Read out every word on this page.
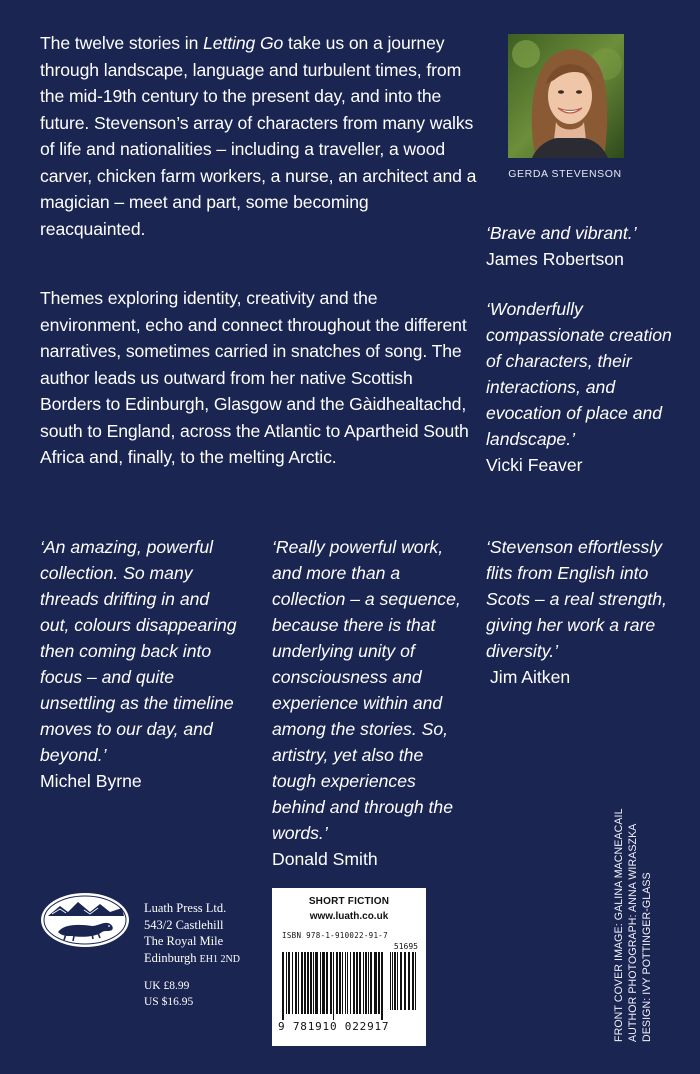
The twelve stories in Letting Go take us on a journey through landscape, language and turbulent times, from the mid-19th century to the present day, and into the future. Stevenson’s array of characters from many walks of life and nationalities – including a traveller, a wood carver, chicken farm workers, a nurse, an architect and a magician – meet and part, some becoming reacquainted.

Themes exploring identity, creativity and the environment, echo and connect throughout the different narratives, sometimes carried in snatches of song. The author leads us outward from her native Scottish Borders to Edinburgh, Glasgow and the Gàidhealtachd, south to England, across the Atlantic to Apartheid South Africa and, finally, to the melting Arctic.

GERDA STEVENSON

‘Brave and vibrant.’
James Robertson

‘Wonderfully compassionate creation of characters, their interactions, and evocation of place and landscape.’
Vicki Feaver

‘An amazing, powerful collection. So many threads drifting in and out, colours disappearing then coming back into focus – and quite unsettling as the timeline moves to our day, and beyond.’
Michel Byrne

‘Really powerful work, and more than a collection – a sequence, because there is that underlying unity of consciousness and experience within and among the stories. So, artistry, yet also the tough experiences behind and through the words.’
Donald Smith

‘Stevenson effortlessly flits from English into Scots – a real strength, giving her work a rare diversity.’
Jim Aitken

Luath Press Ltd.
543/2 Castlehill
The Royal Mile
Edinburgh EH1 2ND

UK £8.99
US $16.95

SHORT FICTION
www.luath.co.uk
ISBN 978-1-910022-91-7
51695
9 781910 022917	FRONT COVER IMAGE: GALINA MACNEACAIL AUTHOR PHOTOGRAPH: ANNA WIRASZKA DESIGN: IVY POTTINGER-GLASS
